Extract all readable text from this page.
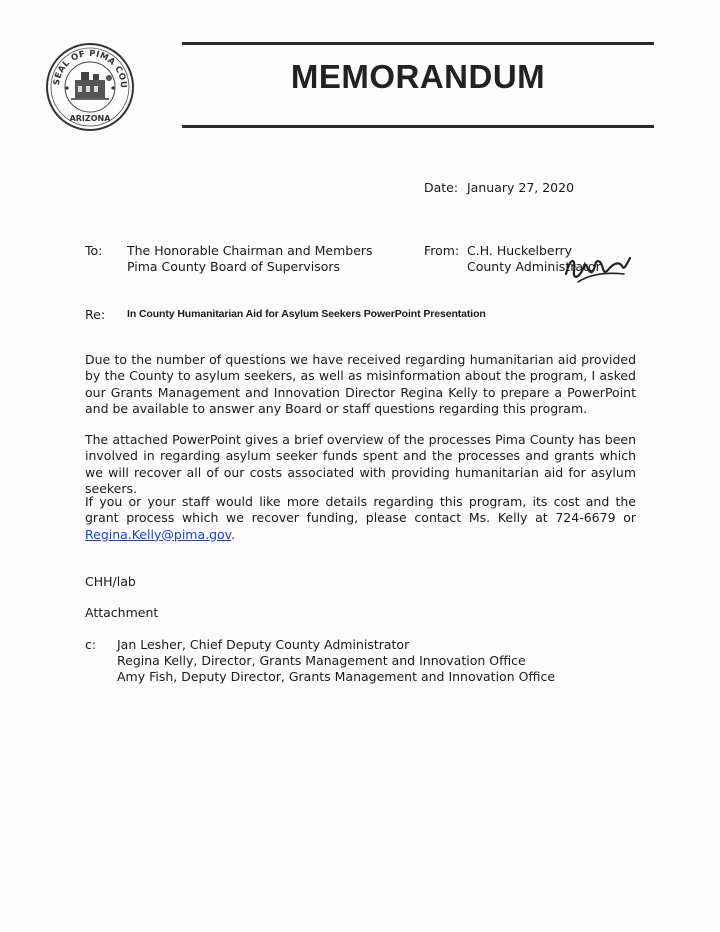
SEAL OF PIMA COU
ARIZONA
MEMORANDUM
Date: January 27, 2020
To: The Honorable Chairman and Members
Pima County Board of Supervisors
From: C.H. Huckelberry
County Administrator
Re: In County Humanitarian Aid for Asylum Seekers PowerPoint Presentation

Due to the number of questions we have received regarding humanitarian aid provided by the County to asylum seekers, as well as misinformation about the program, I asked our Grants Management and Innovation Director Regina Kelly to prepare a PowerPoint and be available to answer any Board or staff questions regarding this program.

The attached PowerPoint gives a brief overview of the processes Pima County has been involved in regarding asylum seeker funds spent and the processes and grants which we will recover all of our costs associated with providing humanitarian aid for asylum seekers.

If you or your staff would like more details regarding this program, its cost and the grant process which we recover funding, please contact Ms. Kelly at 724-6679 or Regina.Kelly@pima.gov.

CHH/lab
Attachment
c: Jan Lesher, Chief Deputy County Administrator
Regina Kelly, Director, Grants Management and Innovation Office
Amy Fish, Deputy Director, Grants Management and Innovation Office
